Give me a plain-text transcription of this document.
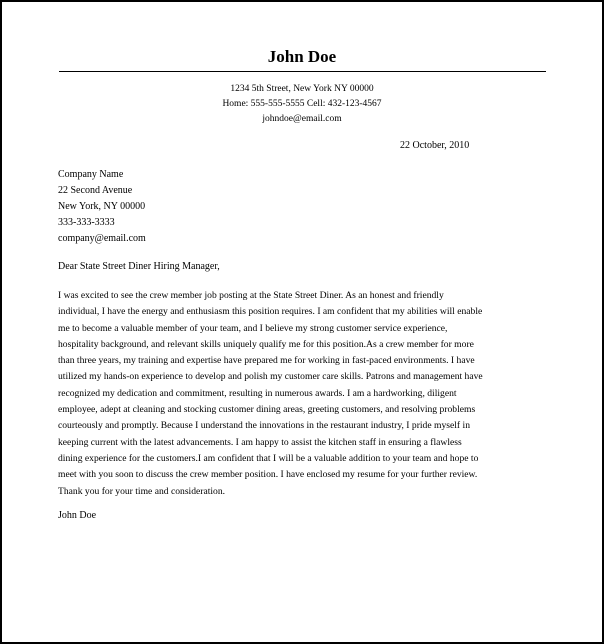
John Doe
1234 5th Street, New York NY 00000
Home: 555-555-5555 Cell: 432-123-4567
johndoe@email.com
22 October, 2010
Company Name
22 Second Avenue
New York, NY 00000
333-333-3333
company@email.com
Dear State Street Diner Hiring Manager,
I was excited to see the crew member job posting at the State Street Diner. As an honest and friendly
individual, I have the energy and enthusiasm this position requires. I am confident that my abilities will enable
me to become a valuable member of your team, and I believe my strong customer service experience,
hospitality background, and relevant skills uniquely qualify me for this position.As a crew member for more
than three years, my training and expertise have prepared me for working in fast-paced environments. I have
utilized my hands-on experience to develop and polish my customer care skills. Patrons and management have
recognized my dedication and commitment, resulting in numerous awards. I am a hardworking, diligent
employee, adept at cleaning and stocking customer dining areas, greeting customers, and resolving problems
courteously and promptly. Because I understand the innovations in the restaurant industry, I pride myself in
keeping current with the latest advancements. I am happy to assist the kitchen staff in ensuring a flawless
dining experience for the customers.I am confident that I will be a valuable addition to your team and hope to
meet with you soon to discuss the crew member position. I have enclosed my resume for your further review.
Thank you for your time and consideration.
John Doe
